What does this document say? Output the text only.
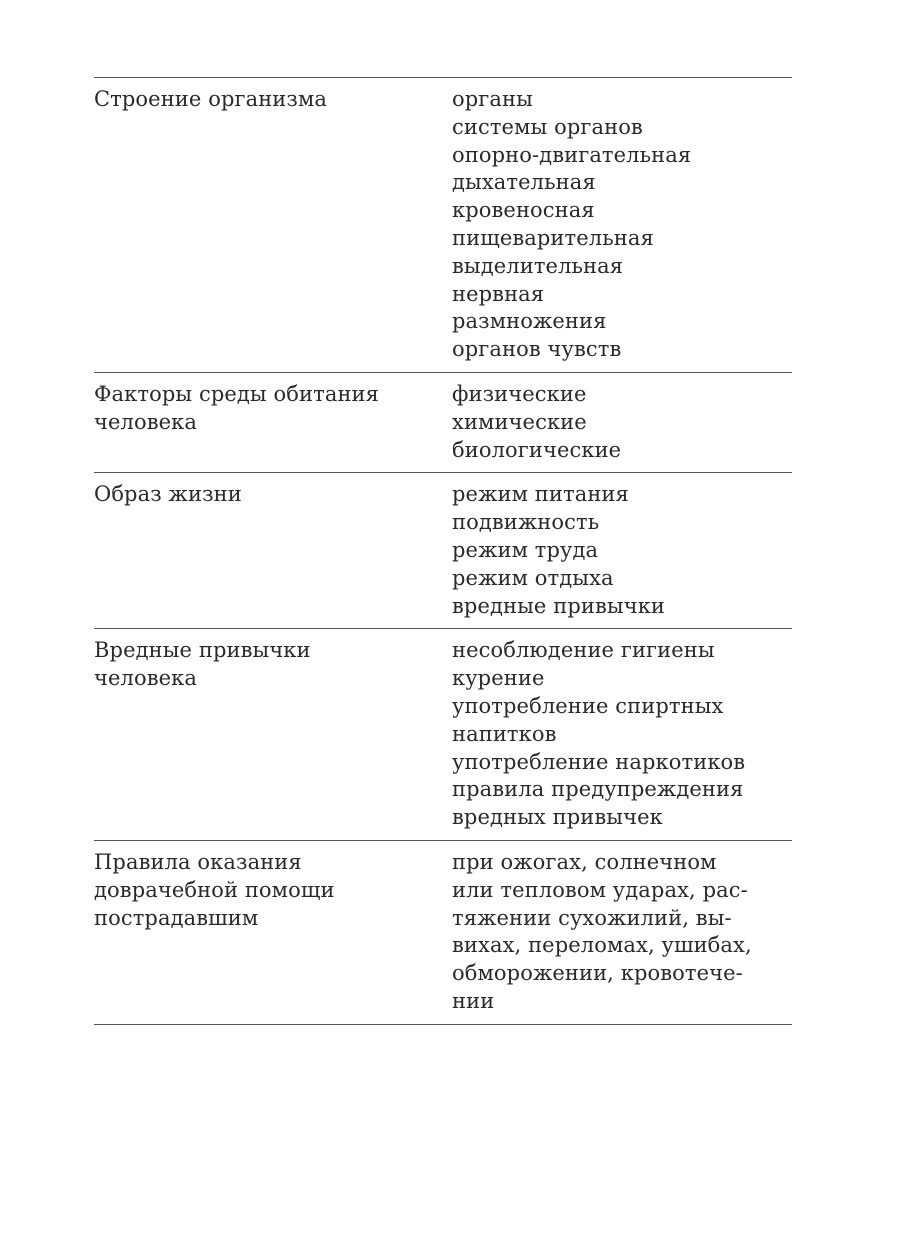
Строение организма	органы
системы органов
опорно-двигательная
дыхательная
кровеносная
пищеварительная
выделительная
нервная
размножения
органов чувств
Факторы среды обитания
человека
физические
химические
биологические
Образ жизни	режим питания
подвижность
режим труда
режим отдыха
вредные привычки
Вредные привычки
человека
несоблюдение гигиены
курение
употребление спиртных
напитков
употребление наркотиков
правила предупреждения
вредных привычек
Правила оказания
доврачебной помощи
пострадавшим
при ожогах, солнечном
или тепловом ударах, рас-
тяжении сухожилий, вы-
вихах, переломах, ушибах,
обморожении, кровотече-
нии
